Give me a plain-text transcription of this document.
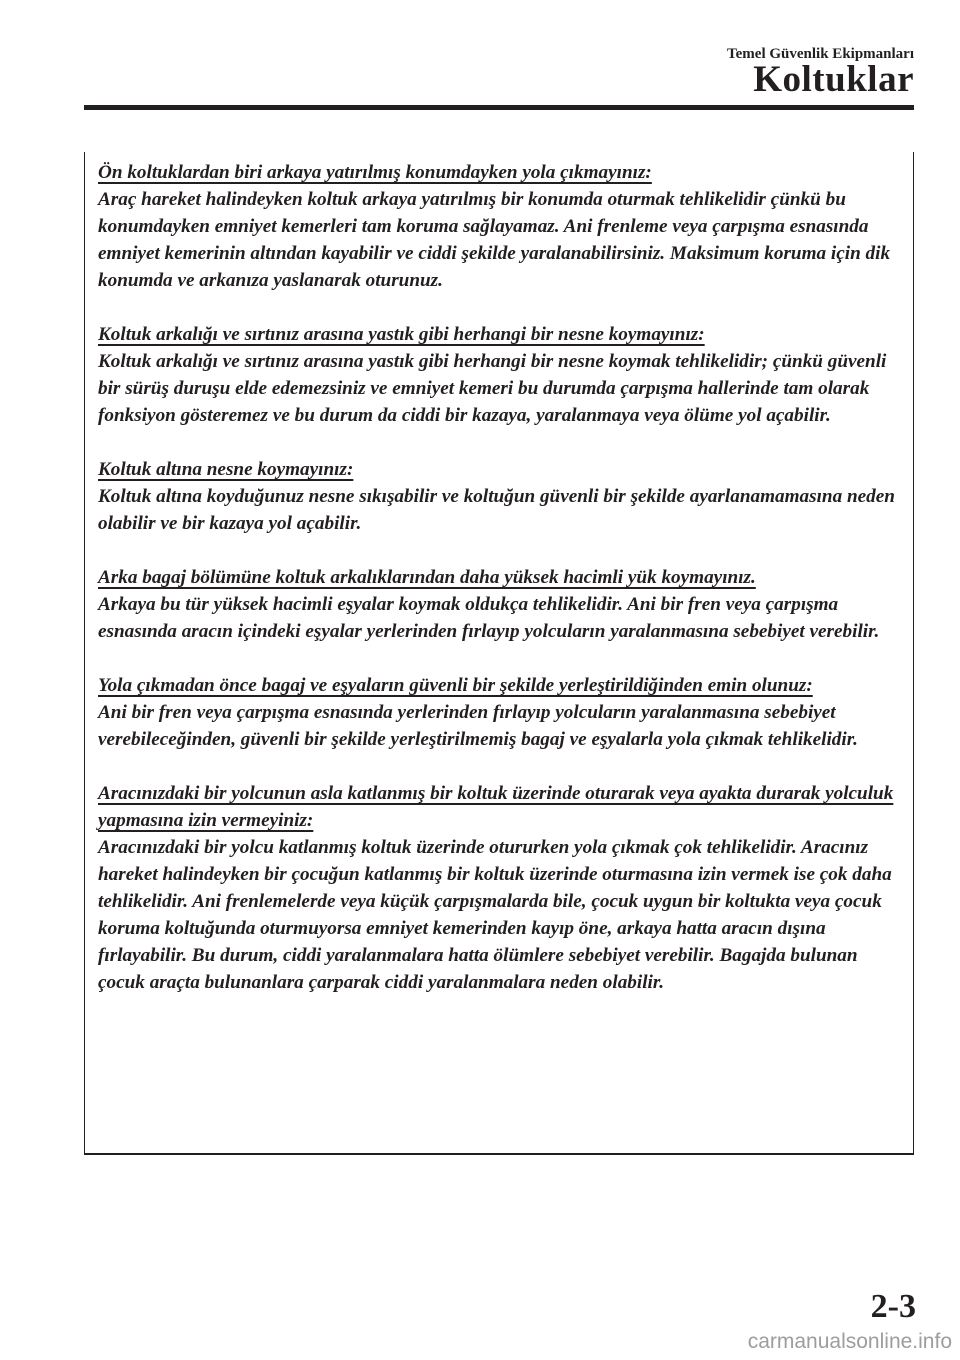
Temel Güvenlik Ekipmanları
Koltuklar
Ön koltuklardan biri arkaya yatırılmış konumdayken yola çıkmayınız:
Araç hareket halindeyken koltuk arkaya yatırılmış bir konumda oturmak tehlikelidir çünkü bu konumdayken emniyet kemerleri tam koruma sağlayamaz. Ani frenleme veya çarpışma esnasında emniyet kemerinin altından kayabilir ve ciddi şekilde yaralanabilirsiniz. Maksimum koruma için dik konumda ve arkanıza yaslanarak oturunuz.
Koltuk arkalığı ve sırtınız arasına yastık gibi herhangi bir nesne koymayınız:
Koltuk arkalığı ve sırtınız arasına yastık gibi herhangi bir nesne koymak tehlikelidir; çünkü güvenli bir sürüş duruşu elde edemezsiniz ve emniyet kemeri bu durumda çarpışma hallerinde tam olarak fonksiyon gösteremez ve bu durum da ciddi bir kazaya, yaralanmaya veya ölüme yol açabilir.
Koltuk altına nesne koymayınız:
Koltuk altına koyduğunuz nesne sıkışabilir ve koltuğun güvenli bir şekilde ayarlanamamasına neden olabilir ve bir kazaya yol açabilir.
Arka bagaj bölümüne koltuk arkalıklarından daha yüksek hacimli yük koymayınız.
Arkaya bu tür yüksek hacimli eşyalar koymak oldukça tehlikelidir. Ani bir fren veya çarpışma esnasında aracın içindeki eşyalar yerlerinden fırlayıp yolcuların yaralanmasına sebebiyet verebilir.
Yola çıkmadan önce bagaj ve eşyaların güvenli bir şekilde yerleştirildiğinden emin olunuz:
Ani bir fren veya çarpışma esnasında yerlerinden fırlayıp yolcuların yaralanmasına sebebiyet verebileceğinden, güvenli bir şekilde yerleştirilmemiş bagaj ve eşyalarla yola çıkmak tehlikelidir.
Aracınızdaki bir yolcunun asla katlanmış bir koltuk üzerinde oturarak veya ayakta durarak yolculuk yapmasına izin vermeyiniz:
Aracınızdaki bir yolcu katlanmış koltuk üzerinde otururken yola çıkmak çok tehlikelidir. Aracınız hareket halindeyken bir çocuğun katlanmış bir koltuk üzerinde oturmasına izin vermek ise çok daha tehlikelidir. Ani frenlemelerde veya küçük çarpışmalarda bile, çocuk uygun bir koltukta veya çocuk koruma koltuğunda oturmuyorsa emniyet kemerinden kayıp öne, arkaya hatta aracın dışına fırlayabilir. Bu durum, ciddi yaralanmalara hatta ölümlere sebebiyet verebilir. Bagajda bulunan çocuk araçta bulunanlara çarparak ciddi yaralanmalara neden olabilir.
2-3
carmanualsonline.info
